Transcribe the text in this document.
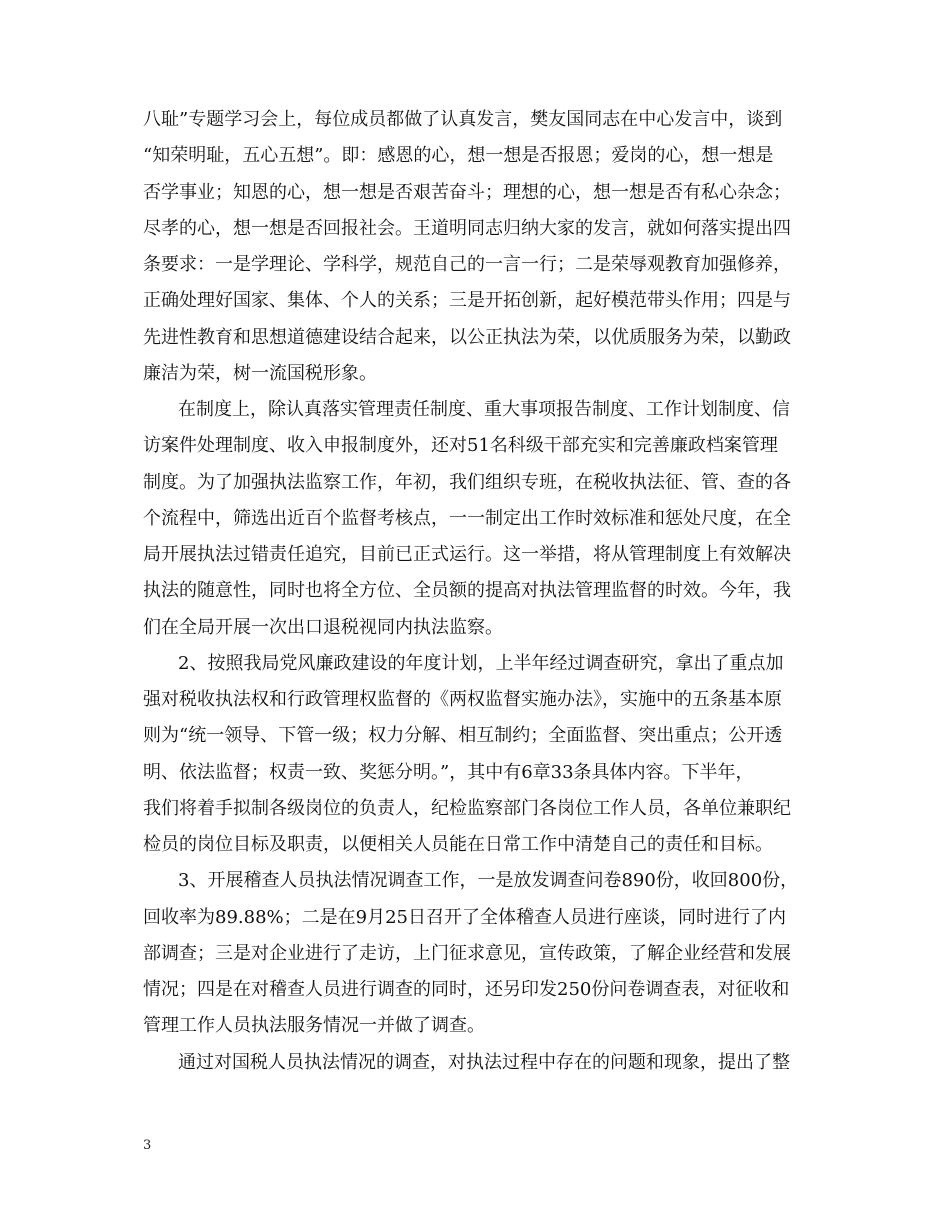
八耻”专题学习会上，每位成员都做了认真发言，樊友国同志在中心发言中，谈到
“知荣明耻，五心五想”。即：感恩的心，想一想是否报恩；爱岗的心，想一想是
否学事业；知恩的心，想一想是否艰苦奋斗；理想的心，想一想是否有私心杂念；
尽孝的心，想一想是否回报社会。王道明同志归纳大家的发言，就如何落实提出四
条要求：一是学理论、学科学，规范自己的一言一行；二是荣辱观教育加强修养，
正确处理好国家、集体、个人的关系；三是开拓创新，起好模范带头作用；四是与
先进性教育和思想道德建设结合起来，以公正执法为荣，以优质服务为荣，以勤政
廉洁为荣，树一流国税形象。
在制度上，除认真落实管理责任制度、重大事项报告制度、工作计划制度、信
访案件处理制度、收入申报制度外，还对51名科级干部充实和完善廉政档案管理
制度。为了加强执法监察工作，年初，我们组织专班，在税收执法征、管、查的各
个流程中，筛选出近百个监督考核点，一一制定出工作时效标准和惩处尺度，在全
局开展执法过错责任追究，目前已正式运行。这一举措，将从管理制度上有效解决
执法的随意性，同时也将全方位、全员额的提高对执法管理监督的时效。今年，我
们在全局开展一次出口退税视同内执法监察。
2、按照我局党风廉政建设的年度计划，上半年经过调查研究，拿出了重点加
强对税收执法权和行政管理权监督的《两权监督实施办法》，实施中的五条基本原
则为“统一领导、下管一级；权力分解、相互制约；全面监督、突出重点；公开透
明、依法监督；权责一致、奖惩分明。”，其中有6章33条具体内容。下半年，
我们将着手拟制各级岗位的负责人，纪检监察部门各岗位工作人员，各单位兼职纪
检员的岗位目标及职责，以便相关人员能在日常工作中清楚自己的责任和目标。
3、开展稽查人员执法情况调查工作，一是放发调查问卷890份，收回800份，
回收率为89.88%；二是在9月25日召开了全体稽查人员进行座谈，同时进行了内
部调查；三是对企业进行了走访，上门征求意见，宣传政策，了解企业经营和发展
情况；四是在对稽查人员进行调查的同时，还另印发250份问卷调查表，对征收和
管理工作人员执法服务情况一并做了调查。
通过对国税人员执法情况的调查，对执法过程中存在的问题和现象，提出了整
3
